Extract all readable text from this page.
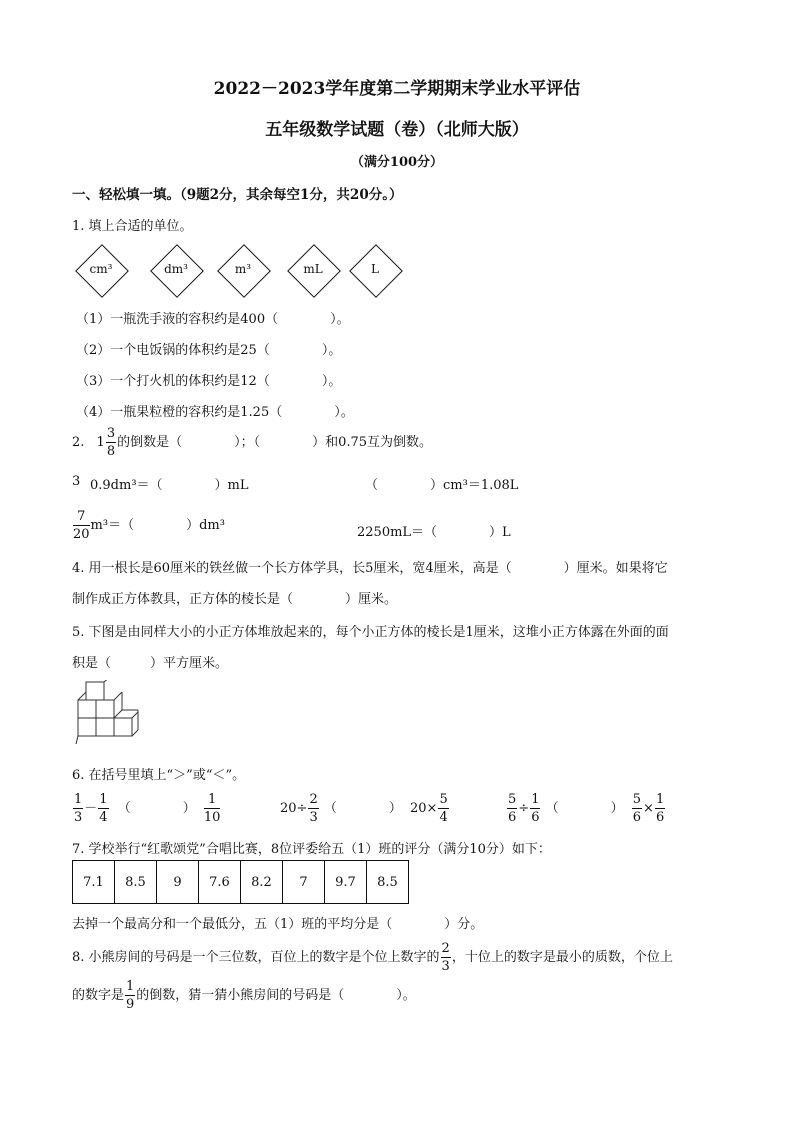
2022－2023学年度第二学期期末学业水平评估
五年级数学试题（卷）（北师大版）
（满分100分）
一、轻松填一填。（9题2分，其余每空1分，共20分。）
1. 填上合适的单位。
cm³	dm³	m³	mL	L
（1）一瓶洗手液的容积约是400（　　　　）。
（2）一个电饭锅的体积约是25（　　　　）。
（3）一个打火机的体积约是12（　　　　）。
（4）一瓶果粒橙的容积约是1.25（　　　　）。
2. $1 \frac{3}{8}$ 的倒数是（　　　　）；（　　　　）和0.75互为倒数。
3 0.9dm³＝（　　　　）mL	（　　　　）cm³＝1.08L
$\frac{7}{20} m^3=$（　　　　）dm³	2250mL＝（　　　　）L
4. 用一根长是60厘米的铁丝做一个长方体学具，长5厘米，宽4厘米，高是（　　　　）厘米。如果将它
制作成正方体教具，正方体的棱长是（　　　　）厘米。
5. 下图是由同样大小的小正方体堆放起来的，每个小正方体的棱长是1厘米，这堆小正方体露在外面的面
积是（　　　）平方厘米。
6. 在括号里填上“＞”或“＜”。
$\frac{1}{3} - \frac{1}{4}$ （　　　　） $\frac{1}{10}$	$20\div \frac{2}{3}$ （　　　　） $20\times \frac{5}{4}$	$\frac{5}{6} \div \frac{1}{6}$ （　　　　） $\frac{5}{6} \times \frac{1}{6}$
7. 学校举行“红歌颂党”合唱比赛，8位评委给五（1）班的评分（满分10分）如下：
7.1	8.5	9	7.6	8.2	7	9.7	8.5
去掉一个最高分和一个最低分，五（1）班的平均分是（　　　　）分。
8. 小熊房间的号码是一个三位数，百位上的数字是个位上数字的 $\frac{2}{3}$ ，十位上的数字是最小的质数，个位上
的数字是 $\frac{1}{9}$ 的倒数，猜一猜小熊房间的号码是（　　　　）。
